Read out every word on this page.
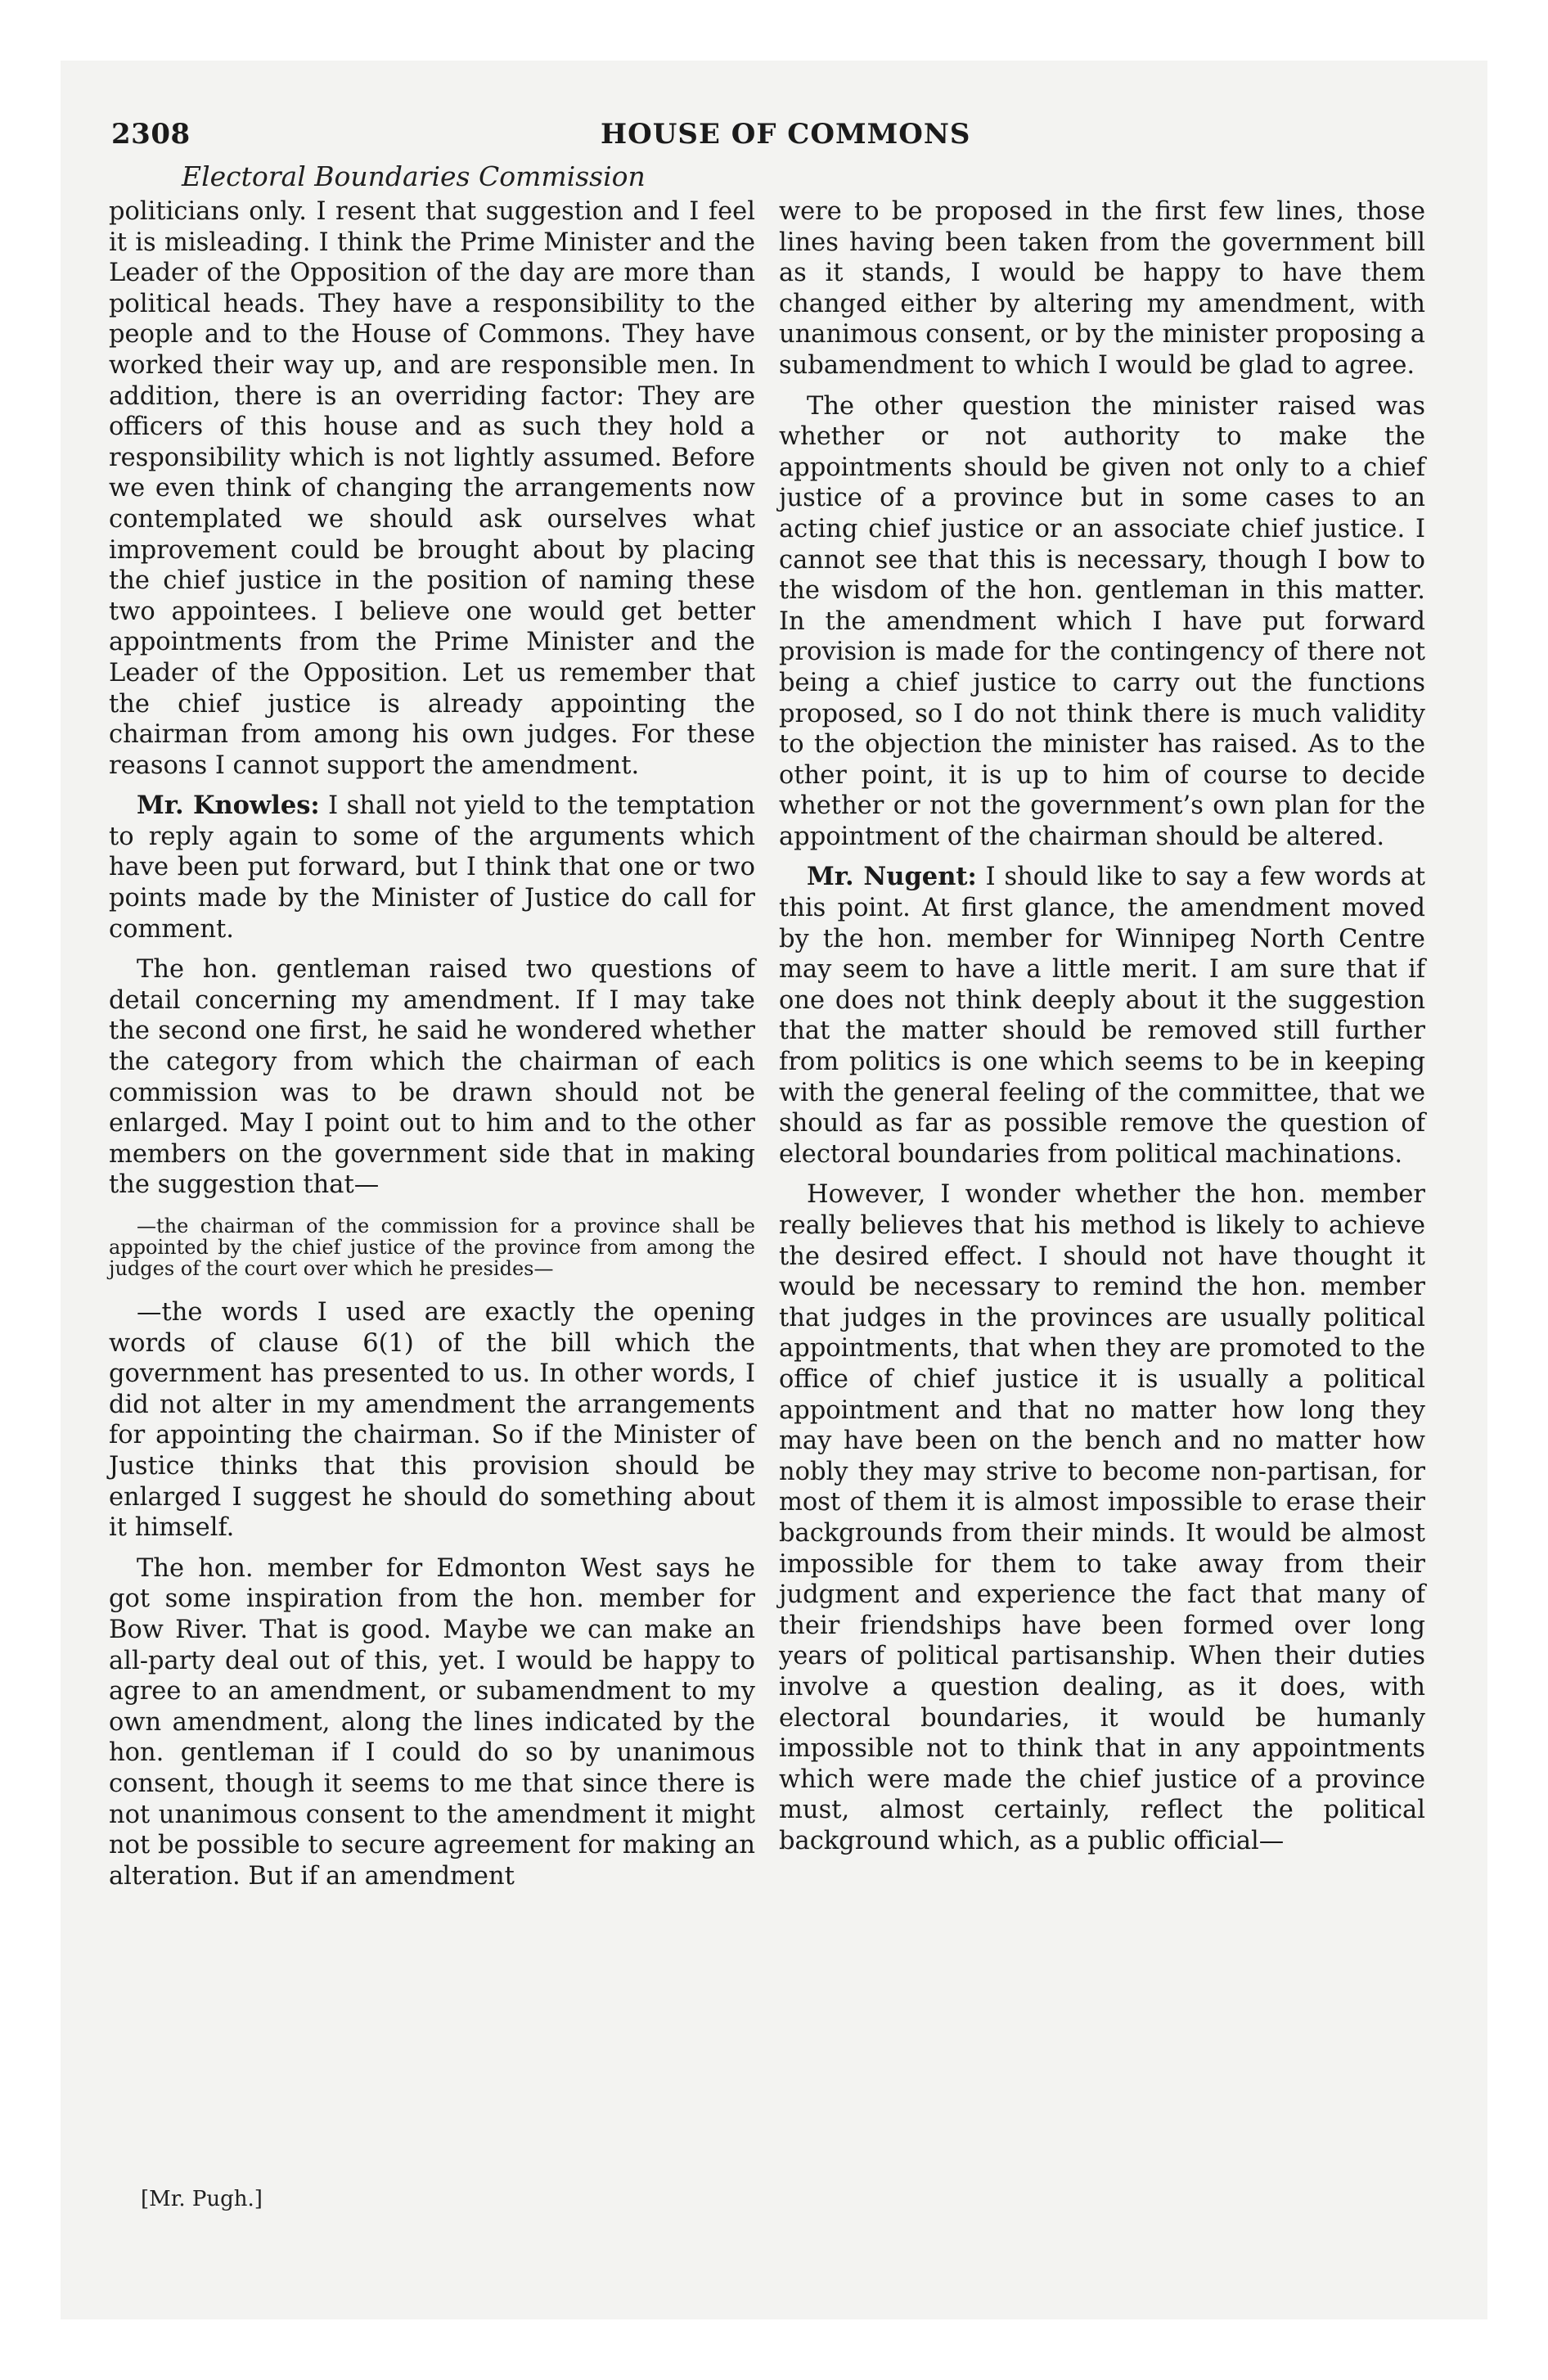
2308	HOUSE OF COMMONS
Electoral Boundaries Commission

politicians only. I resent that suggestion and I feel it is misleading. I think the Prime Minister and the Leader of the Opposition of the day are more than political heads. They have a responsibility to the people and to the House of Commons. They have worked their way up, and are responsible men. In addition, there is an overriding factor: They are officers of this house and as such they hold a responsibility which is not lightly assumed. Before we even think of changing the arrangements now contemplated we should ask ourselves what improvement could be brought about by placing the chief justice in the position of naming these two appointees. I believe one would get better appointments from the Prime Minister and the Leader of the Opposition. Let us remember that the chief justice is already appointing the chairman from among his own judges. For these reasons I cannot support the amendment.

Mr. Knowles: I shall not yield to the temptation to reply again to some of the arguments which have been put forward, but I think that one or two points made by the Minister of Justice do call for comment.

The hon. gentleman raised two questions of detail concerning my amendment. If I may take the second one first, he said he wondered whether the category from which the chairman of each commission was to be drawn should not be enlarged. May I point out to him and to the other members on the government side that in making the suggestion that—

—the chairman of the commission for a province shall be appointed by the chief justice of the province from among the judges of the court over which he presides—

—the words I used are exactly the opening words of clause 6(1) of the bill which the government has presented to us. In other words, I did not alter in my amendment the arrangements for appointing the chairman. So if the Minister of Justice thinks that this provision should be enlarged I suggest he should do something about it himself.

The hon. member for Edmonton West says he got some inspiration from the hon. member for Bow River. That is good. Maybe we can make an all-party deal out of this, yet. I would be happy to agree to an amendment, or subamendment to my own amendment, along the lines indicated by the hon. gentleman if I could do so by unanimous consent, though it seems to me that since there is not unanimous consent to the amendment it might not be possible to secure agreement for making an alteration. But if an amendment

were to be proposed in the first few lines, those lines having been taken from the government bill as it stands, I would be happy to have them changed either by altering my amendment, with unanimous consent, or by the minister proposing a subamendment to which I would be glad to agree.

The other question the minister raised was whether or not authority to make the appointments should be given not only to a chief justice of a province but in some cases to an acting chief justice or an associate chief justice. I cannot see that this is necessary, though I bow to the wisdom of the hon. gentleman in this matter. In the amendment which I have put forward provision is made for the contingency of there not being a chief justice to carry out the functions proposed, so I do not think there is much validity to the objection the minister has raised. As to the other point, it is up to him of course to decide whether or not the government’s own plan for the appointment of the chairman should be altered.

Mr. Nugent: I should like to say a few words at this point. At first glance, the amendment moved by the hon. member for Winnipeg North Centre may seem to have a little merit. I am sure that if one does not think deeply about it the suggestion that the matter should be removed still further from politics is one which seems to be in keeping with the general feeling of the committee, that we should as far as possible remove the question of electoral boundaries from political machinations.

However, I wonder whether the hon. member really believes that his method is likely to achieve the desired effect. I should not have thought it would be necessary to remind the hon. member that judges in the provinces are usually political appointments, that when they are promoted to the office of chief justice it is usually a political appointment and that no matter how long they may have been on the bench and no matter how nobly they may strive to become non-partisan, for most of them it is almost impossible to erase their backgrounds from their minds. It would be almost impossible for them to take away from their judgment and experience the fact that many of their friendships have been formed over long years of political partisanship. When their duties involve a question dealing, as it does, with electoral boundaries, it would be humanly impossible not to think that in any appointments which were made the chief justice of a province must, almost certainly, reflect the political background which, as a public official—

[Mr. Pugh.]
